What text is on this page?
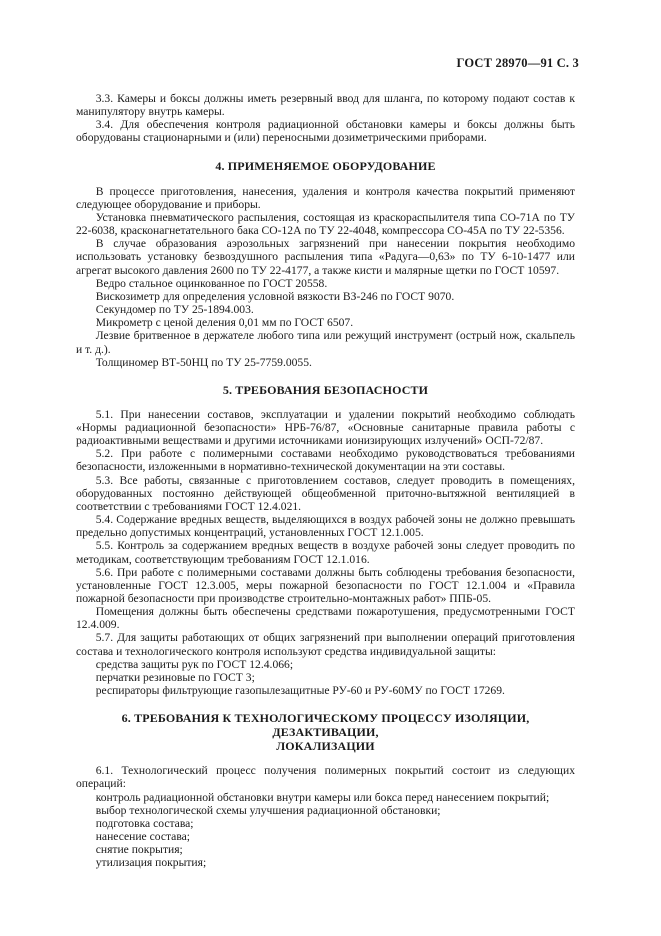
ГОСТ 28970—91 С. 3

3.3. Камеры и боксы должны иметь резервный ввод для шланга, по которому подают состав к манипулятору внутрь камеры.

3.4. Для обеспечения контроля радиационной обстановки камеры и боксы должны быть оборудованы стационарными и (или) переносными дозиметрическими приборами.

4. ПРИМЕНЯЕМОЕ ОБОРУДОВАНИЕ

В процессе приготовления, нанесения, удаления и контроля качества покрытий применяют следующее оборудование и приборы.

Установка пневматического распыления, состоящая из краскораспылителя типа СО-71А по ТУ 22-6038, красконагнетательного бака СО-12А по ТУ 22-4048, компрессора СО-45А по ТУ 22-5356.

В случае образования аэрозольных загрязнений при нанесении покрытия необходимо использовать установку безвоздушного распыления типа «Радуга—0,63» по ТУ 6-10-1477 или агрегат высокого давления 2600 по ТУ 22-4177, а также кисти и малярные щетки по ГОСТ 10597.

Ведро стальное оцинкованное по ГОСТ 20558.

Вискозиметр для определения условной вязкости ВЗ-246 по ГОСТ 9070.

Секундомер по ТУ 25-1894.003.

Микрометр с ценой деления 0,01 мм по ГОСТ 6507.

Лезвие бритвенное в держателе любого типа или режущий инструмент (острый нож, скальпель и т. д.).

Толщиномер ВТ-50НЦ по ТУ 25-7759.0055.

5. ТРЕБОВАНИЯ БЕЗОПАСНОСТИ

5.1. При нанесении составов, эксплуатации и удалении покрытий необходимо соблюдать «Нормы радиационной безопасности» НРБ-76/87, «Основные санитарные правила работы с радиоактивными веществами и другими источниками ионизирующих излучений» ОСП-72/87.

5.2. При работе с полимерными составами необходимо руководствоваться требованиями безопасности, изложенными в нормативно-технической документации на эти составы.

5.3. Все работы, связанные с приготовлением составов, следует проводить в помещениях, оборудованных постоянно действующей общеобменной приточно-вытяжной вентиляцией в соответствии с требованиями ГОСТ 12.4.021.

5.4. Содержание вредных веществ, выделяющихся в воздух рабочей зоны не должно превышать предельно допустимых концентраций, установленных ГОСТ 12.1.005.

5.5. Контроль за содержанием вредных веществ в воздухе рабочей зоны следует проводить по методикам, соответствующим требованиям ГОСТ 12.1.016.

5.6. При работе с полимерными составами должны быть соблюдены требования безопасности, установленные ГОСТ 12.3.005, меры пожарной безопасности по ГОСТ 12.1.004 и «Правила пожарной безопасности при производстве строительно-монтажных работ» ППБ-05.

Помещения должны быть обеспечены средствами пожаротушения, предусмотренными ГОСТ 12.4.009.

5.7. Для защиты работающих от общих загрязнений при выполнении операций приготовления состава и технологического контроля используют средства индивидуальной защиты:

средства защиты рук по ГОСТ 12.4.066;

перчатки резиновые по ГОСТ 3;

респираторы фильтрующие газопылезащитные РУ-60 и РУ-60МУ по ГОСТ 17269.

6. ТРЕБОВАНИЯ К ТЕХНОЛОГИЧЕСКОМУ ПРОЦЕССУ ИЗОЛЯЦИИ, ДЕЗАКТИВАЦИИ,
ЛОКАЛИЗАЦИИ

6.1. Технологический процесс получения полимерных покрытий состоит из следующих операций:

контроль радиационной обстановки внутри камеры или бокса перед нанесением покрытий;

выбор технологической схемы улучшения радиационной обстановки;

подготовка состава;

нанесение состава;

снятие покрытия;

утилизация покрытия;
